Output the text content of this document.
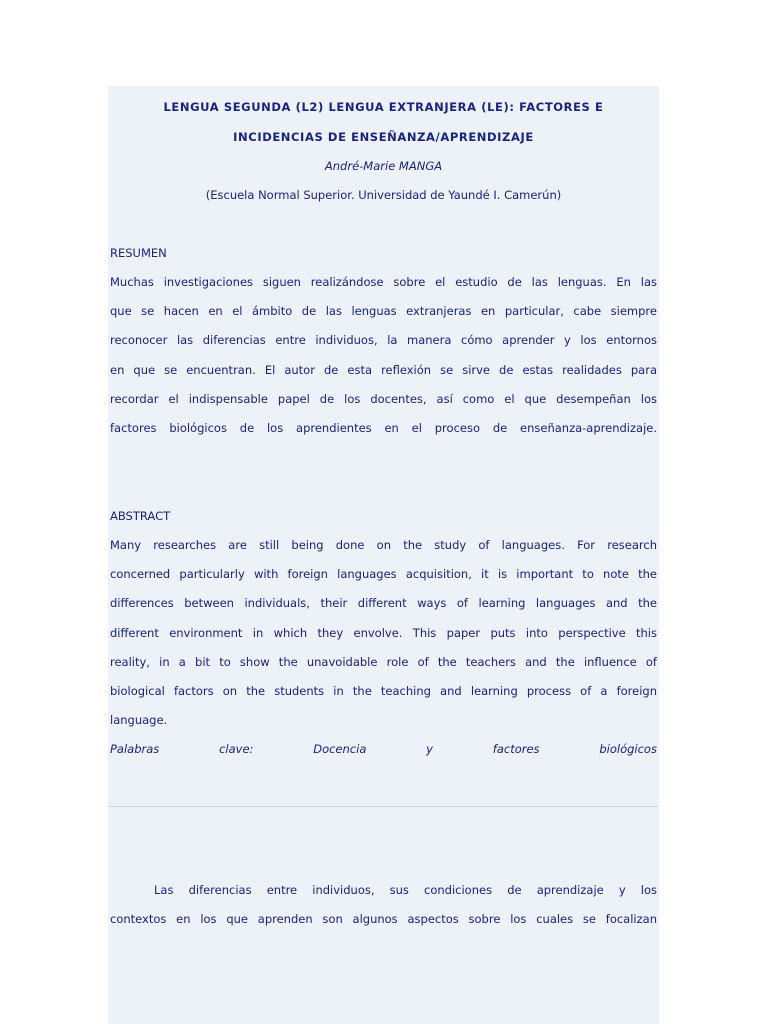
LENGUA SEGUNDA (L2) LENGUA EXTRANJERA (LE): FACTORES E

INCIDENCIAS DE ENSEÑANZA/APRENDIZAJE

André-Marie MANGA
(Escuela Normal Superior. Universidad de Yaundé I. Camerún)
RESUMEN
Muchas investigaciones siguen realizándose sobre el estudio de las lenguas. En las
que se hacen en el ámbito de las lenguas extranjeras en particular, cabe siempre
reconocer las diferencias entre individuos, la manera cómo aprender y los entornos
en que se encuentran. El autor de esta reflexión se sirve de estas realidades para
recordar el indispensable papel de los docentes, así como el que desempeñan los
factores biológicos de los aprendientes en el proceso de enseñanza-aprendizaje.
ABSTRACT
Many researches are still being done on the study of languages. For research
concerned particularly with foreign languages acquisition, it is important to note the
differences between individuals, their different ways of learning languages and the
different environment in which they envolve. This paper puts into perspective this
reality, in a bit to show the unavoidable role of the teachers and the influence of
biological factors on the students in the teaching and learning process of a foreign
language.
Palabras	clave:	Docencia	y	factores	biológicos
Las diferencias entre individuos, sus condiciones de aprendizaje y los
contextos en los que aprenden son algunos aspectos sobre los cuales se focalizan
